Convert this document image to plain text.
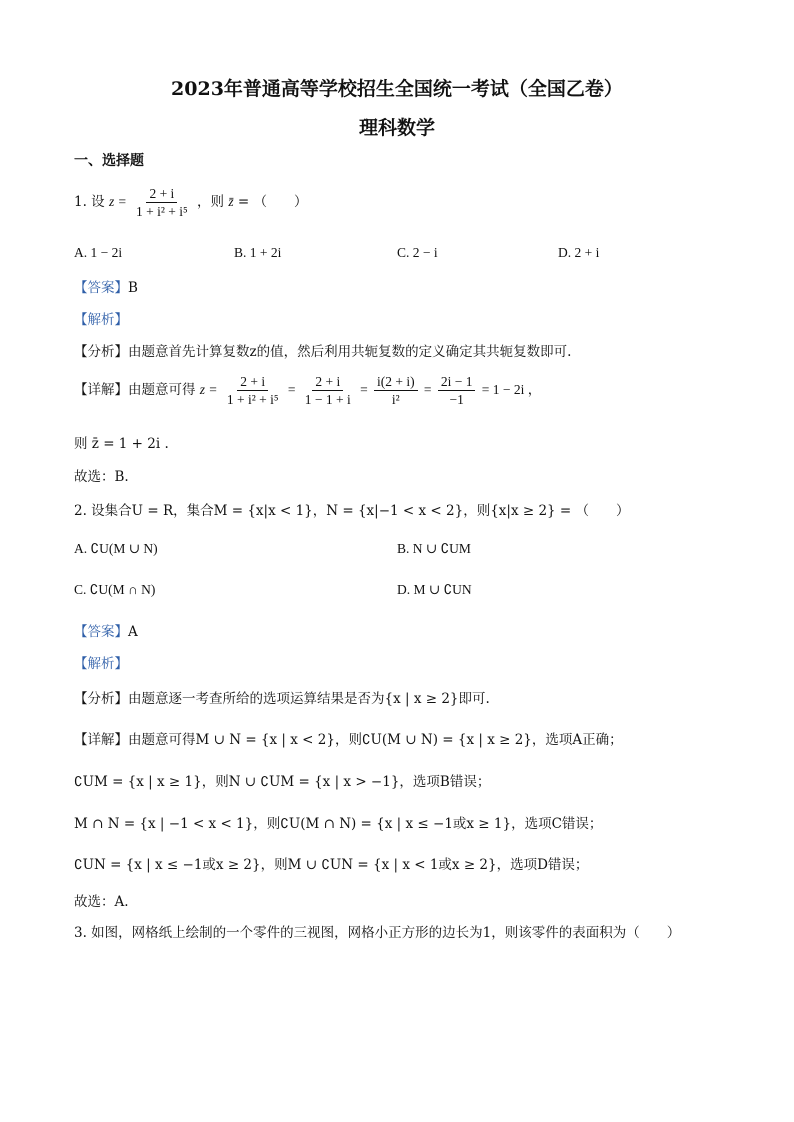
2023年普通高等学校招生全国统一考试（全国乙卷）
理科数学
一、选择题
1. 设 $z = \frac{2 + i}{\text{1 + i² + i⁵}}$ ，则 z̄ = （　　）
A. 1 − 2i	B. 1 + 2i	C. 2 − i	D. 2 + i
【答案】B
【解析】
【分析】由题意首先计算复数z的值，然后利用共轭复数的定义确定其共轭复数即可.
【详解】由题意可得 $z = \frac{2 + i}{\text{1 + i² + i⁵}} = \frac{2 + i}{1 - 1 + i} = \frac{i(2 + i)}{\text{i²}} = \frac{2i - 1}{-1} = 1 - 2i$ ，
则 z̄ = 1 + 2i .
故选：B.
2. 设集合U = R，集合M = {x|x < 1}，N = {x|−1 < x < 2}，则{x|x ≥ 2} = （　　）
A. ∁U(M ∪ N)	B. N ∪ ∁UM
C. ∁U(M ∩ N)	D. M ∪ ∁UN
【答案】A
【解析】
【分析】由题意逐一考查所给的选项运算结果是否为{x | x ≥ 2}即可.
【详解】由题意可得M ∪ N = {x | x < 2}，则∁U(M ∪ N) = {x | x ≥ 2}，选项A正确；
∁UM = {x | x ≥ 1}，则N ∪ ∁UM = {x | x > −1}，选项B错误；
M ∩ N = {x | −1 < x < 1}，则∁U(M ∩ N) = {x | x ≤ −1或x ≥ 1}，选项C错误；
∁UN = {x | x ≤ −1或x ≥ 2}，则M ∪ ∁UN = {x | x < 1或x ≥ 2}，选项D错误；
故选：A.
3. 如图，网格纸上绘制的一个零件的三视图，网格小正方形的边长为1，则该零件的表面积为（　　）
